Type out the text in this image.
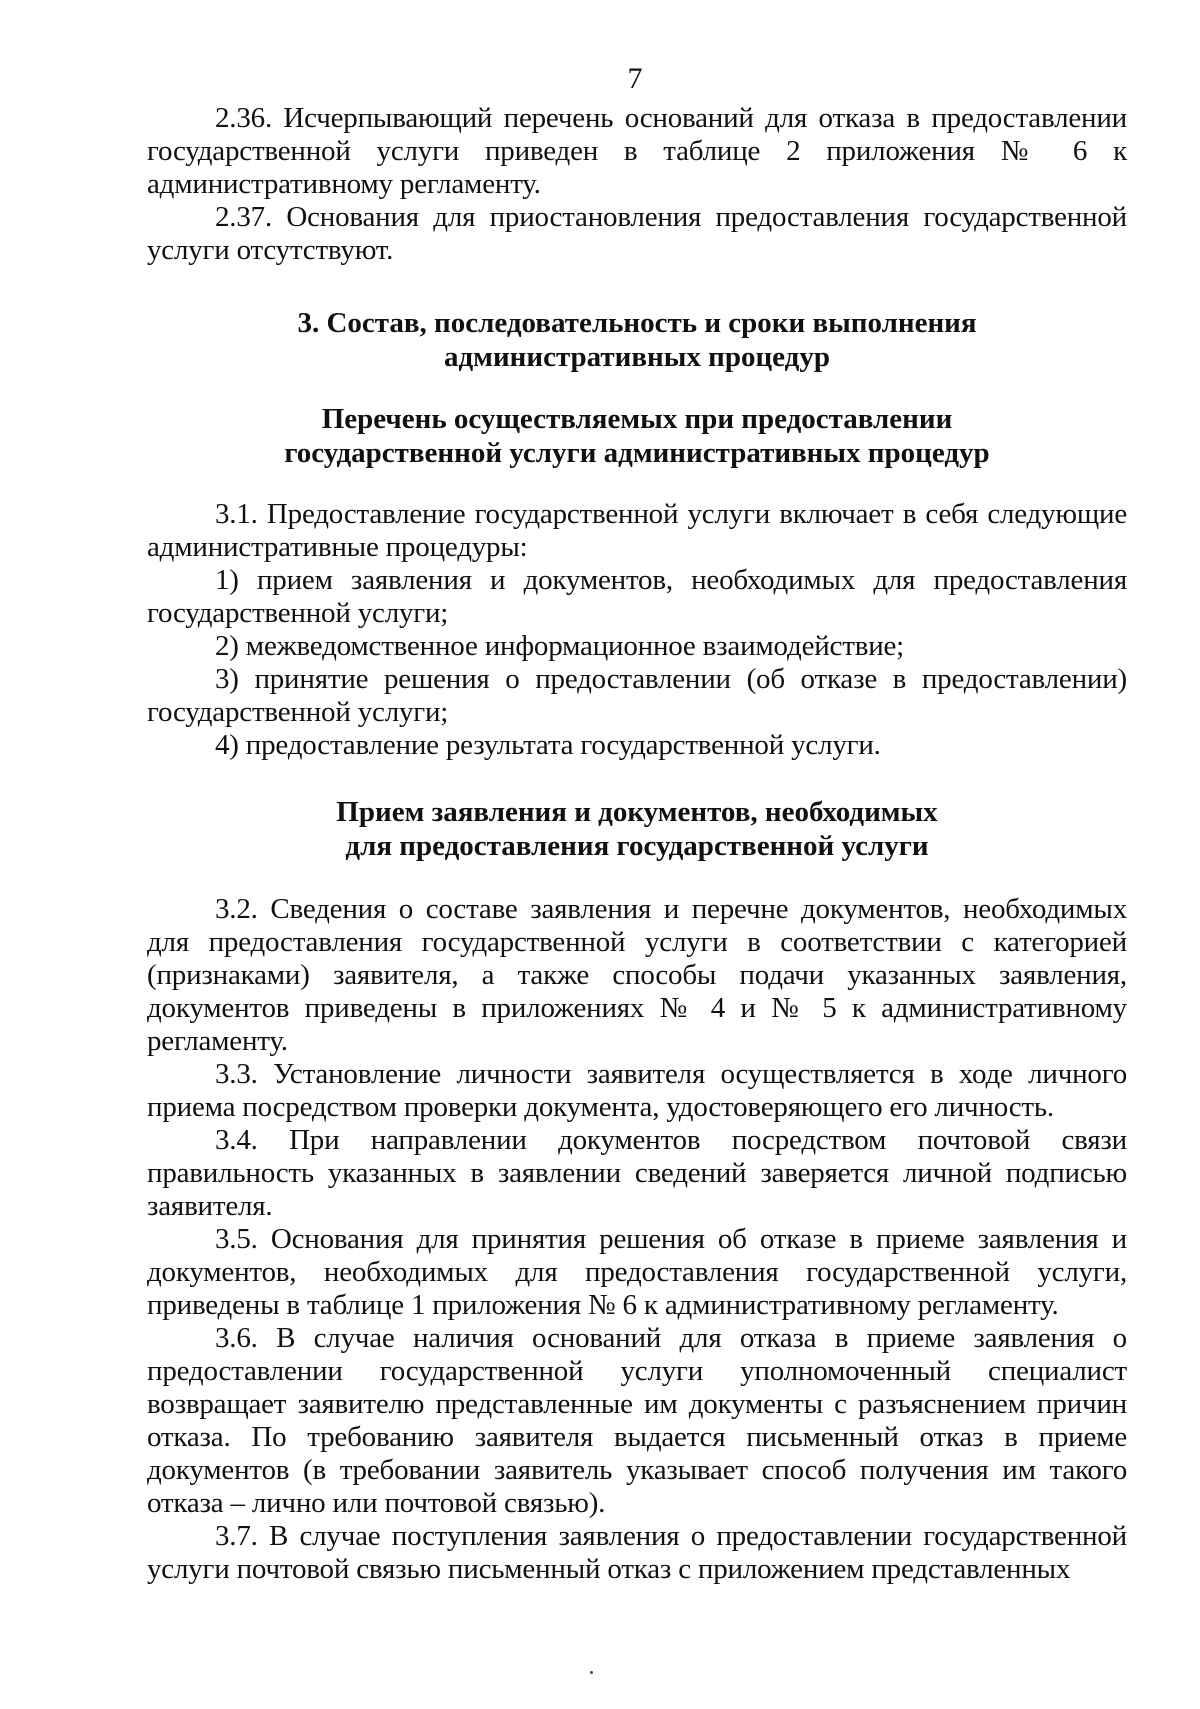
7

2.36. Исчерпывающий перечень оснований для отказа в предоставлении государственной услуги приведен в таблице 2 приложения № 6 к административному регламенту.

2.37. Основания для приостановления предоставления государственной услуги отсутствуют.

3. Состав, последовательность и сроки выполнения
административных процедур
Перечень осуществляемых при предоставлении
государственной услуги административных процедур

3.1. Предоставление государственной услуги включает в себя следующие административные процедуры:

1) прием заявления и документов, необходимых для предоставления государственной услуги;

2) межведомственное информационное взаимодействие;

3) принятие решения о предоставлении (об отказе в предоставлении) государственной услуги;

4) предоставление результата государственной услуги.

Прием заявления и документов, необходимых
для предоставления государственной услуги

3.2. Сведения о составе заявления и перечне документов, необходимых для предоставления государственной услуги в соответствии с категорией (признаками) заявителя, а также способы подачи указанных заявления, документов приведены в приложениях № 4 и № 5 к административному регламенту.

3.3. Установление личности заявителя осуществляется в ходе личного приема посредством проверки документа, удостоверяющего его личность.

3.4. При направлении документов посредством почтовой связи правильность указанных в заявлении сведений заверяется личной подписью заявителя.

3.5. Основания для принятия решения об отказе в приеме заявления и документов, необходимых для предоставления государственной услуги, приведены в таблице 1 приложения № 6 к административному регламенту.

3.6. В случае наличия оснований для отказа в приеме заявления о предоставлении государственной услуги уполномоченный специалист возвращает заявителю представленные им документы с разъяснением причин отказа. По требованию заявителя выдается письменный отказ в приеме документов (в требовании заявитель указывает способ получения им такого отказа – лично или почтовой связью).

3.7. В случае поступления заявления о предоставлении государственной услуги почтовой связью письменный отказ с приложением представленных
